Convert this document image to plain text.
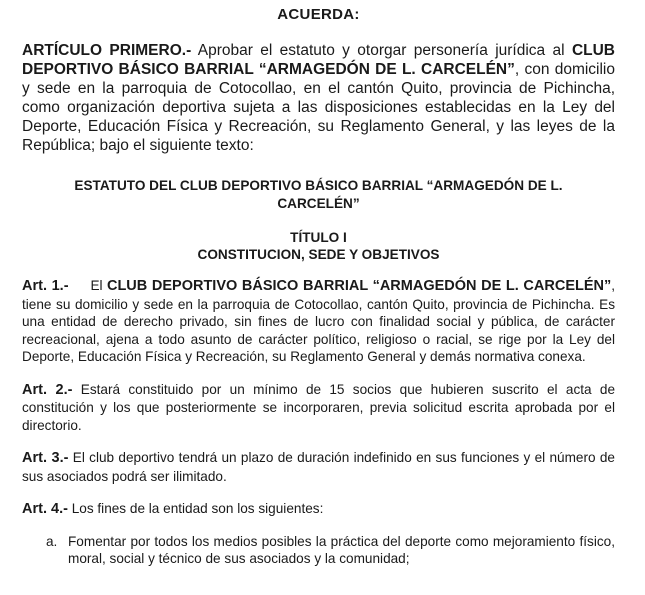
ACUERDA:

ARTÍCULO PRIMERO.- Aprobar el estatuto y otorgar personería jurídica al CLUB DEPORTIVO BÁSICO BARRIAL “ARMAGEDÓN DE L. CARCELÉN”, con domicilio y sede en la parroquia de Cotocollao, en el cantón Quito, provincia de Pichincha, como organización deportiva sujeta a las disposiciones establecidas en la Ley del Deporte, Educación Física y Recreación, su Reglamento General, y las leyes de la República; bajo el siguiente texto:

ESTATUTO DEL CLUB DEPORTIVO BÁSICO BARRIAL “ARMAGEDÓN DE L. CARCELÉN”
TÍTULO I
CONSTITUCION, SEDE Y OBJETIVOS

Art. 1.-     El CLUB DEPORTIVO BÁSICO BARRIAL “ARMAGEDÓN DE L. CARCELÉN”, tiene su domicilio y sede en la parroquia de Cotocollao, cantón Quito, provincia de Pichincha. Es una entidad de derecho privado, sin fines de lucro con finalidad social y pública, de carácter recreacional, ajena a todo asunto de carácter político, religioso o racial, se rige por la Ley del Deporte, Educación Física y Recreación, su Reglamento General y demás normativa conexa.

Art. 2.- Estará constituido por un mínimo de 15 socios que hubieren suscrito el acta de constitución y los que posteriormente se incorporaren, previa solicitud escrita aprobada por el directorio.

Art. 3.- El club deportivo tendrá un plazo de duración indefinido en sus funciones y el número de sus asociados podrá ser ilimitado.

Art. 4.- Los fines de la entidad son los siguientes:

a. Fomentar por todos los medios posibles la práctica del deporte como mejoramiento físico, moral, social y técnico de sus asociados y la comunidad;
